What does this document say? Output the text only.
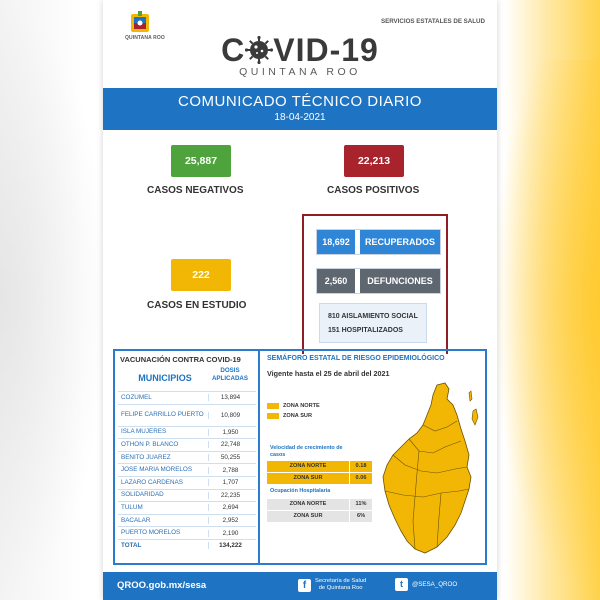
QUINTANA ROO
SERVICIOS ESTATALES DE SALUD
C VID-19
QUINTANA ROO
COMUNICADO TÉCNICO DIARIO
18-04-2021
25,887
CASOS NEGATIVOS
22,213
CASOS POSITIVOS
222
CASOS EN ESTUDIO
18,692	RECUPERADOS
2,560	DEFUNCIONES
810 AISLAMIENTO SOCIAL
151 HOSPITALIZADOS
VACUNACIÓN CONTRA COVID-19
MUNICIPIOS
DOSIS
APLICADAS
COZUMEL	13,894
FELIPE CARRILLO PUERTO	10,809
ISLA MUJERES	1,950
OTHON P. BLANCO	22,748
BENITO JUAREZ	50,255
JOSE MARIA MORELOS	2,788
LAZARO CARDENAS	1,707
SOLIDARIDAD	22,235
TULUM	2,694
BACALAR	2,952
PUERTO MORELOS	2,190
TOTAL	134,222
SEMÁFORO ESTATAL DE RIESGO EPIDEMIOLÓGICO
Vigente hasta el 25 de abril del 2021
ZONA NORTE
ZONA SUR
Velocidad de crecimiento de
casos
ZONA NORTE	0.18
ZONA SUR	0.06
Ocupación Hospitalaria
ZONA NORTE	11%
ZONA SUR	6%
QROO.gob.mx/sesa	f	Secretaría de Salud
de Quintana Roo	t	@SESA_QROO
